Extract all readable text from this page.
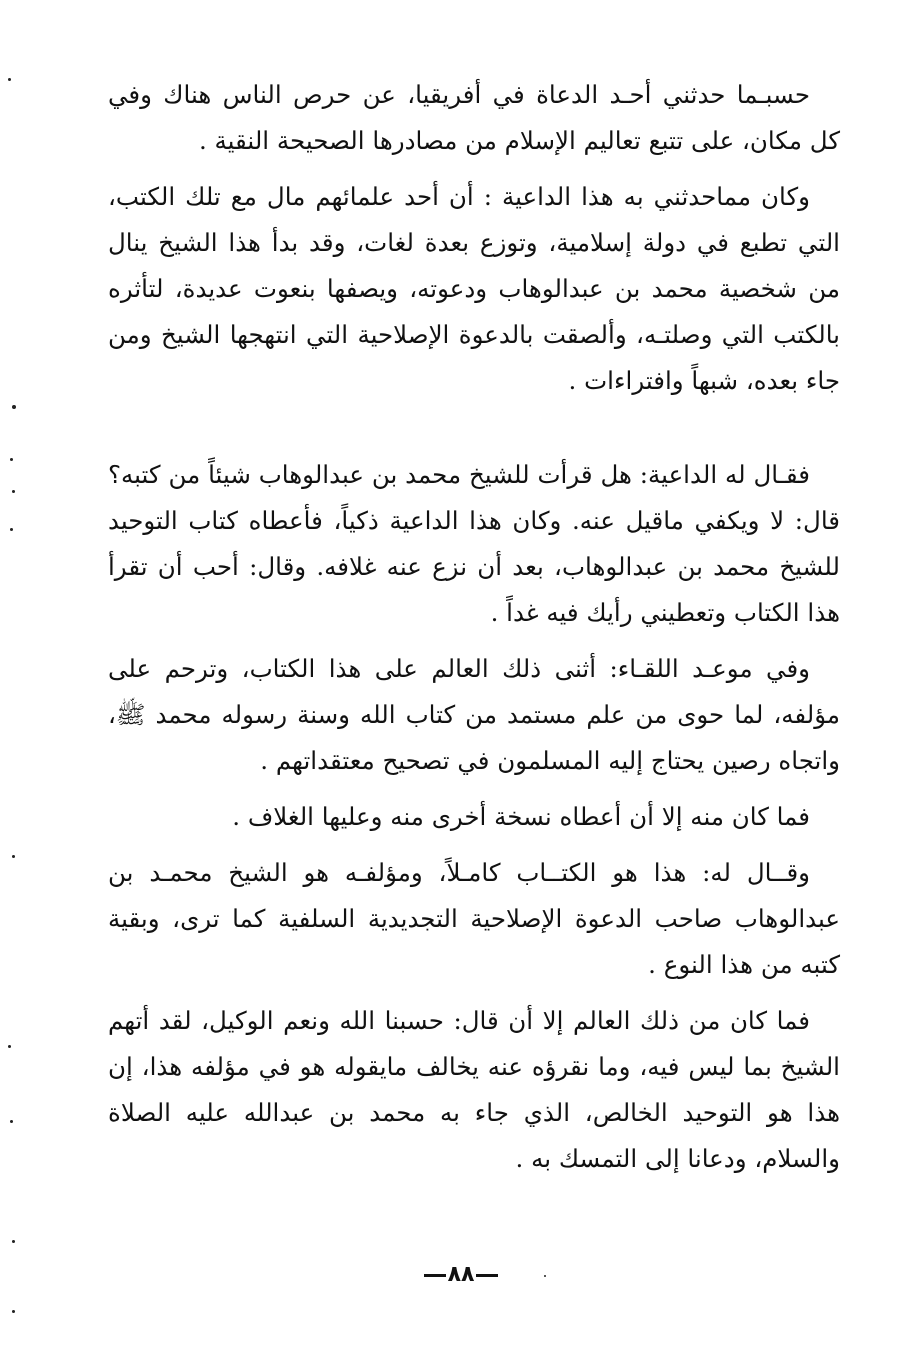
حسبـما حدثني أحـد الدعاة في أفريقيا، عن حرص الناس هناك وفي كل مكان، على تتبع تعاليم الإسلام من مصادرها الصحيحة النقية .

وكان مماحدثني به هذا الداعية : أن أحد علمائهم مال مع تلك الكتب، التي تطبع في دولة إسلامية، وتوزع بعدة لغات، وقد بدأ هذا الشيخ ينال من شخصية محمد بن عبدالوهاب ودعوته، ويصفها بنعوت عديدة، لتأثره بالكتب التي وصلتـه، وألصقت بالدعوة الإصلاحية التي انتهجها الشيخ ومن جاء بعده، شبهاً وافتراءات .

فقـال له الداعية: هل قرأت للشيخ محمد بن عبدالوهاب شيئاً من كتبه؟ قال: لا ويكفي ماقيل عنه. وكان هذا الداعية ذكياً، فأعطاه كتاب التوحيد للشيخ محمد بن عبدالوهاب، بعد أن نزع عنه غلافه. وقال: أحب أن تقرأ هذا الكتاب وتعطيني رأيك فيه غداً .

وفي موعـد اللقـاء: أثنى ذلك العالم على هذا الكتاب، وترحم على مؤلفه، لما حوى من علم مستمد من كتاب الله وسنة رسوله محمد ﷺ، واتجاه رصين يحتاج إليه المسلمون في تصحيح معتقداتهم .

فما كان منه إلا أن أعطاه نسخة أخرى منه وعليها الغلاف .

وقــال له: هذا هو الكتــاب كامـلاً، ومؤلفـه هو الشيخ محمـد بن عبدالوهاب صاحب الدعوة الإصلاحية التجديدية السلفية كما ترى، وبقية كتبه من هذا النوع .

فما كان من ذلك العالم إلا أن قال: حسبنا الله ونعم الوكيل، لقد أتهم الشيخ بما ليس فيه، وما نقرؤه عنه يخالف مايقوله هو في مؤلفه هذا، إن هذا هو التوحيد الخالص، الذي جاء به محمد بن عبدالله عليه الصلاة والسلام، ودعانا إلى التمسك به .

٨٨
